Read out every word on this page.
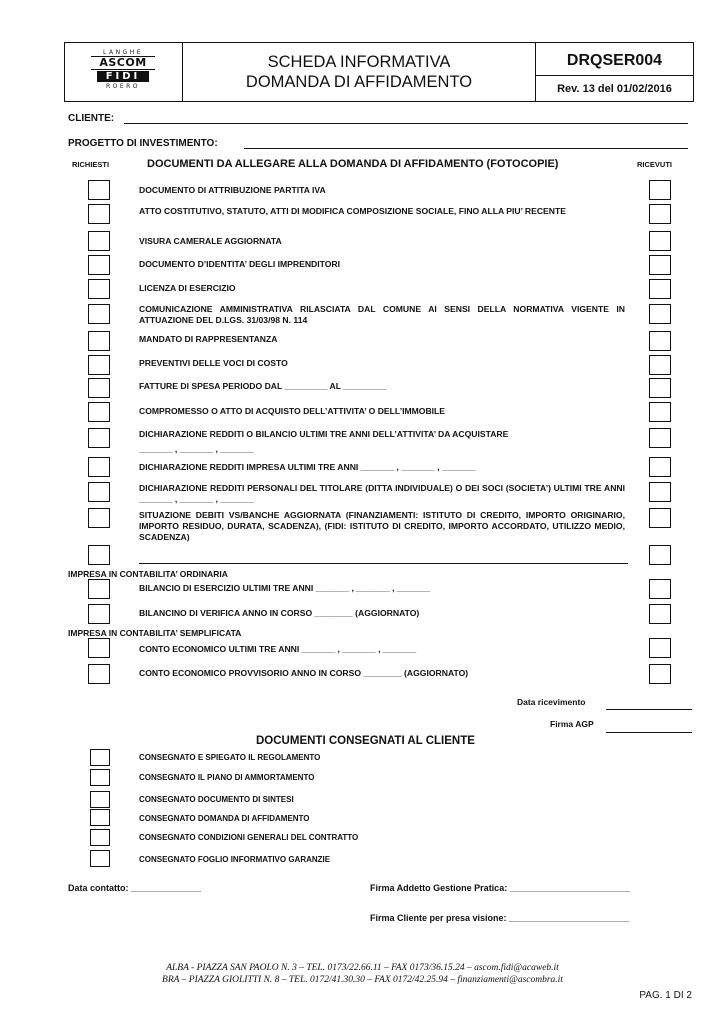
LANGHE
ASCOM
FIDI
ROERO
SCHEDA INFORMATIVA DOMANDA DI AFFIDAMENTO
DRQSER004
Rev. 13 del 01/02/2016
CLIENTE:
PROGETTO DI INVESTIMENTO:
RICHIESTI	DOCUMENTI DA ALLEGARE ALLA DOMANDA DI AFFIDAMENTO (FOTOCOPIE)	RICEVUTI
DOCUMENTO DI ATTRIBUZIONE PARTITA IVA
ATTO COSTITUTIVO, STATUTO, ATTI DI MODIFICA COMPOSIZIONE SOCIALE, FINO ALLA PIU’ RECENTE
VISURA CAMERALE AGGIORNATA
DOCUMENTO D’IDENTITA’ DEGLI IMPRENDITORI
LICENZA DI ESERCIZIO
COMUNICAZIONE AMMINISTRATIVA RILASCIATA DAL COMUNE AI SENSI DELLA NORMATIVA VIGENTE IN ATTUAZIONE DEL D.LGS. 31/03/98 N. 114
MANDATO DI RAPPRESENTANZA
PREVENTIVI DELLE VOCI DI COSTO
FATTURE DI SPESA PERIODO DAL _________ AL _________
COMPROMESSO O ATTO DI ACQUISTO DELL’ATTIVITA’ O DELL’IMMOBILE
DICHIARAZIONE REDDITI O BILANCIO ULTIMI TRE ANNI DELL’ATTIVITA’ DA ACQUISTARE
_______ , _______ , _______
DICHIARAZIONE REDDITI IMPRESA ULTIMI TRE ANNI _______ , _______ , _______
DICHIARAZIONE REDDITI PERSONALI DEL TITOLARE (DITTA INDIVIDUALE) O DEI SOCI (SOCIETA’) ULTIMI TRE ANNI _______ , _______ , _______
SITUAZIONE DEBITI VS/BANCHE AGGIORNATA (FINANZIAMENTI: ISTITUTO DI CREDITO, IMPORTO ORIGINARIO, IMPORTO RESIDUO, DURATA, SCADENZA), (FIDI: ISTITUTO DI CREDITO, IMPORTO ACCORDATO, UTILIZZO MEDIO, SCADENZA)
IMPRESA IN CONTABILITA’ ORDINARIA
BILANCIO DI ESERCIZIO ULTIMI TRE ANNI _______ , _______ , _______
BILANCINO DI VERIFICA ANNO IN CORSO ________ (AGGIORNATO)
IMPRESA IN CONTABILITA’ SEMPLIFICATA
CONTO ECONOMICO ULTIMI TRE ANNI _______ , _______ , _______
CONTO ECONOMICO PROVVISORIO ANNO IN CORSO ________ (AGGIORNATO)
Data ricevimento
Firma AGP
DOCUMENTI CONSEGNATI AL CLIENTE
CONSEGNATO E SPIEGATO IL REGOLAMENTO
CONSEGNATO IL PIANO DI AMMORTAMENTO
CONSEGNATO DOCUMENTO DI SINTESI
CONSEGNATO DOMANDA DI AFFIDAMENTO
CONSEGNATO CONDIZIONI GENERALI DEL CONTRATTO
CONSEGNATO FOGLIO INFORMATIVO GARANZIE
Data contatto: ______________	Firma Addetto Gestione Pratica: ________________________
Firma Cliente per presa visione: ________________________
ALBA - PIAZZA SAN PAOLO N. 3 – TEL. 0173/22.66.11 – FAX 0173/36.15.24 – ascom.fidi@acaweb.it
BRA – PIAZZA GIOLITTI N. 8 – TEL. 0172/41.30.30 – FAX 0172/42.25.94 – finanziamenti@ascombra.it
PAG. 1 DI 2
